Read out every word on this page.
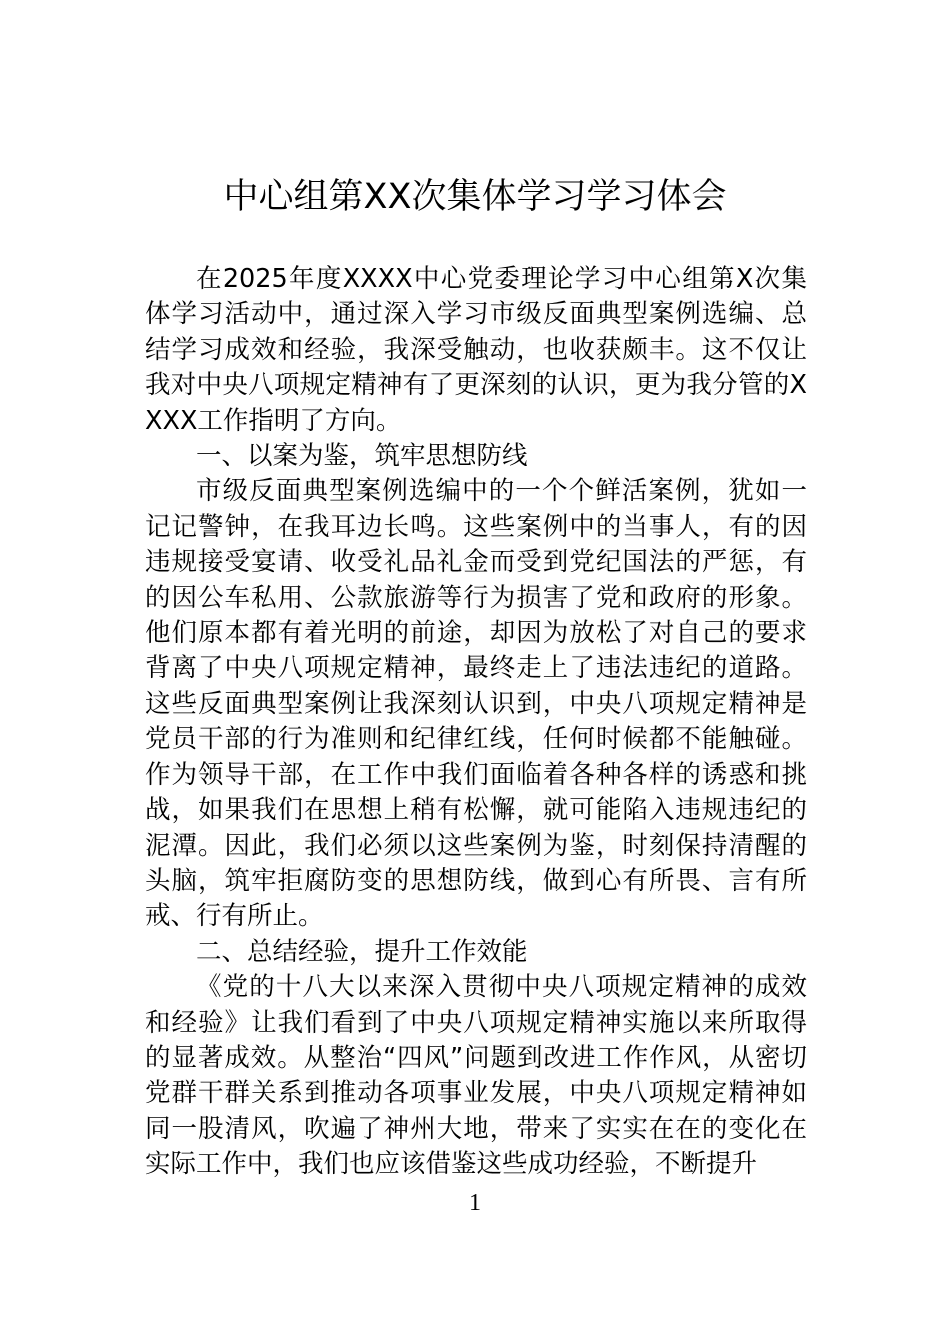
中心组第XX次集体学习学习体会

在2025年度XXXX中心党委理论学习中心组第X次集体学习活动中，通过深入学习市级反面典型案例选编、总结学习成效和经验，我深受触动，也收获颇丰。这不仅让我对中央八项规定精神有了更深刻的认识，更为我分管的XXXX工作指明了方向。

一、以案为鉴，筑牢思想防线

市级反面典型案例选编中的一个个鲜活案例，犹如一记记警钟，在我耳边长鸣。这些案例中的当事人，有的因违规接受宴请、收受礼品礼金而受到党纪国法的严惩，有的因公车私用、公款旅游等行为损害了党和政府的形象。他们原本都有着光明的前途，却因为放松了对自己的要求背离了中央八项规定精神，最终走上了违法违纪的道路。这些反面典型案例让我深刻认识到，中央八项规定精神是党员干部的行为准则和纪律红线，任何时候都不能触碰。作为领导干部，在工作中我们面临着各种各样的诱惑和挑战，如果我们在思想上稍有松懈，就可能陷入违规违纪的泥潭。因此，我们必须以这些案例为鉴，时刻保持清醒的头脑，筑牢拒腐防变的思想防线，做到心有所畏、言有所戒、行有所止。

二、总结经验，提升工作效能

《党的十八大以来深入贯彻中央八项规定精神的成效和经验》让我们看到了中央八项规定精神实施以来所取得的显著成效。从整治“四风”问题到改进工作作风，从密切党群干群关系到推动各项事业发展，中央八项规定精神如同一股清风，吹遍了神州大地，带来了实实在在的变化在实际工作中，我们也应该借鉴这些成功经验，不断提升

1
